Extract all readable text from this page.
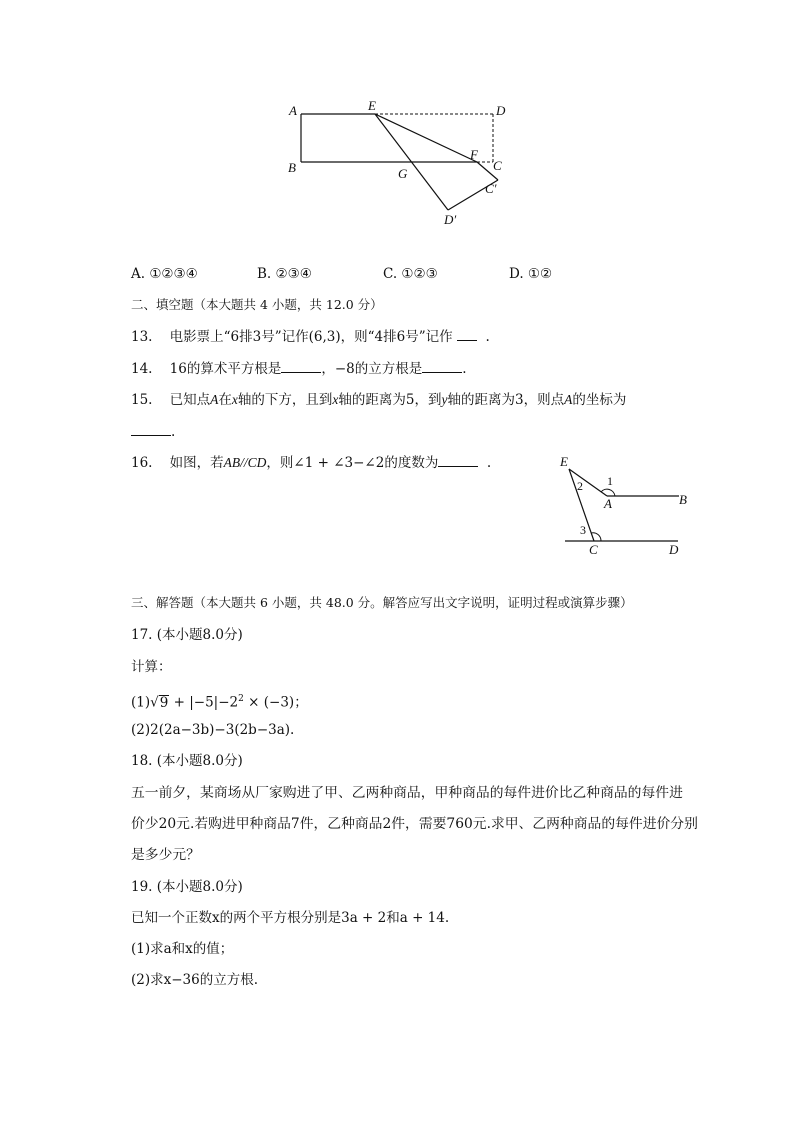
A	E	D
B	G
F
C
C′
D′
A. ①②③④	B. ②③④	C. ①②③	D. ①②
二、填空题（本大题共 4 小题，共 12.0 分）
13. 电影票上“6排3号”记作(6,3)，则“4排6号”记作 .
14. 16的算术平方根是	，−8的立方根是	.
15. 已知点A在x轴的下方，且到x轴的距离为5，到y轴的距离为3，则点A的坐标为
.
16. 如图，若AB//CD，则∠1 + ∠3−∠2的度数为	.	E
A	B
C	D
1
2
3
三、解答题（本大题共 6 小题，共 48.0 分。解答应写出文字说明，证明过程或演算步骤）
17. (本小题8.0分)
计算：
$(1)√9 + |-5|-2^2 \times (-3)$；
(2)2(2a−3b)−3(2b−3a).
18. (本小题8.0分)
五一前夕，某商场从厂家购进了甲、乙两种商品，甲种商品的每件进价比乙种商品的每件进
价少20元.若购进甲种商品7件，乙种商品2件，需要760元.求甲、乙两种商品的每件进价分别
是多少元？
19. (本小题8.0分)
已知一个正数x的两个平方根分别是3a + 2和a + 14.
(1)求a和x的值；
(2)求x−36的立方根.
